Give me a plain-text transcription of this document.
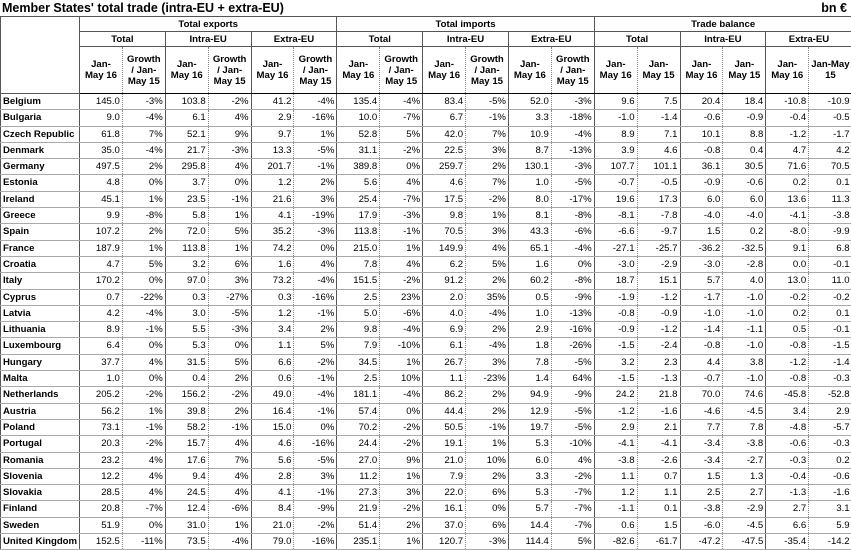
Member States' total trade (intra-EU + extra-EU)	bn €
	Total exports						Total imports						Trade balance					
	Total		Intra-EU		Extra-EU		Total		Intra-EU		Extra-EU		Total		Intra-EU		Extra-EU	
	Jan-May 16	Growth / Jan-May 15	Jan-May 16	Growth / Jan-May 15	Jan-May 16	Growth / Jan-May 15	Jan-May 16	Growth / Jan-May 15	Jan-May 16	Growth / Jan-May 15	Jan-May 16	Growth / Jan-May 15	Jan-May 16	Jan-May 15	Jan-May 16	Jan-May 15	Jan-May 16	Jan-May 15
Belgium	145.0	-3%	103.8	-2%	41.2	-4%	135.4	-4%	83.4	-5%	52.0	-3%	9.6	7.5	20.4	18.4	-10.8	-10.9
Bulgaria	9.0	-4%	6.1	4%	2.9	-16%	10.0	-7%	6.7	-1%	3.3	-18%	-1.0	-1.4	-0.6	-0.9	-0.4	-0.5
Czech Republic	61.8	7%	52.1	9%	9.7	1%	52.8	5%	42.0	7%	10.9	-4%	8.9	7.1	10.1	8.8	-1.2	-1.7
Denmark	35.0	-4%	21.7	-3%	13.3	-5%	31.1	-2%	22.5	3%	8.7	-13%	3.9	4.6	-0.8	0.4	4.7	4.2
Germany	497.5	2%	295.8	4%	201.7	-1%	389.8	0%	259.7	2%	130.1	-3%	107.7	101.1	36.1	30.5	71.6	70.5
Estonia	4.8	0%	3.7	0%	1.2	2%	5.6	4%	4.6	7%	1.0	-5%	-0.7	-0.5	-0.9	-0.6	0.2	0.1
Ireland	45.1	1%	23.5	-1%	21.6	3%	25.4	-7%	17.5	-2%	8.0	-17%	19.6	17.3	6.0	6.0	13.6	11.3
Greece	9.9	-8%	5.8	1%	4.1	-19%	17.9	-3%	9.8	1%	8.1	-8%	-8.1	-7.8	-4.0	-4.0	-4.1	-3.8
Spain	107.2	2%	72.0	5%	35.2	-3%	113.8	-1%	70.5	3%	43.3	-6%	-6.6	-9.7	1.5	0.2	-8.0	-9.9
France	187.9	1%	113.8	1%	74.2	0%	215.0	1%	149.9	4%	65.1	-4%	-27.1	-25.7	-36.2	-32.5	9.1	6.8
Croatia	4.7	5%	3.2	6%	1.6	4%	7.8	4%	6.2	5%	1.6	0%	-3.0	-2.9	-3.0	-2.8	0.0	-0.1
Italy	170.2	0%	97.0	3%	73.2	-4%	151.5	-2%	91.2	2%	60.2	-8%	18.7	15.1	5.7	4.0	13.0	11.0
Cyprus	0.7	-22%	0.3	-27%	0.3	-16%	2.5	23%	2.0	35%	0.5	-9%	-1.9	-1.2	-1.7	-1.0	-0.2	-0.2
Latvia	4.2	-4%	3.0	-5%	1.2	-1%	5.0	-6%	4.0	-4%	1.0	-13%	-0.8	-0.9	-1.0	-1.0	0.2	0.1
Lithuania	8.9	-1%	5.5	-3%	3.4	2%	9.8	-4%	6.9	2%	2.9	-16%	-0.9	-1.2	-1.4	-1.1	0.5	-0.1
Luxembourg	6.4	0%	5.3	0%	1.1	5%	7.9	-10%	6.1	-4%	1.8	-26%	-1.5	-2.4	-0.8	-1.0	-0.8	-1.5
Hungary	37.7	4%	31.5	5%	6.6	-2%	34.5	1%	26.7	3%	7.8	-5%	3.2	2.3	4.4	3.8	-1.2	-1.4
Malta	1.0	0%	0.4	2%	0.6	-1%	2.5	10%	1.1	-23%	1.4	64%	-1.5	-1.3	-0.7	-1.0	-0.8	-0.3
Netherlands	205.2	-2%	156.2	-2%	49.0	-4%	181.1	-4%	86.2	2%	94.9	-9%	24.2	21.8	70.0	74.6	-45.8	-52.8
Austria	56.2	1%	39.8	2%	16.4	-1%	57.4	0%	44.4	2%	12.9	-5%	-1.2	-1.6	-4.6	-4.5	3.4	2.9
Poland	73.1	-1%	58.2	-1%	15.0	0%	70.2	-2%	50.5	-1%	19.7	-5%	2.9	2.1	7.7	7.8	-4.8	-5.7
Portugal	20.3	-2%	15.7	4%	4.6	-16%	24.4	-2%	19.1	1%	5.3	-10%	-4.1	-4.1	-3.4	-3.8	-0.6	-0.3
Romania	23.2	4%	17.6	7%	5.6	-5%	27.0	9%	21.0	10%	6.0	4%	-3.8	-2.6	-3.4	-2.7	-0.3	0.2
Slovenia	12.2	4%	9.4	4%	2.8	3%	11.2	1%	7.9	2%	3.3	-2%	1.1	0.7	1.5	1.3	-0.4	-0.6
Slovakia	28.5	4%	24.5	4%	4.1	-1%	27.3	3%	22.0	6%	5.3	-7%	1.2	1.1	2.5	2.7	-1.3	-1.6
Finland	20.8	-7%	12.4	-6%	8.4	-9%	21.9	-2%	16.1	0%	5.7	-7%	-1.1	0.1	-3.8	-2.9	2.7	3.1
Sweden	51.9	0%	31.0	1%	21.0	-2%	51.4	2%	37.0	6%	14.4	-7%	0.6	1.5	-6.0	-4.5	6.6	5.9
United Kingdom	152.5	-11%	73.5	-4%	79.0	-16%	235.1	1%	120.7	-3%	114.4	5%	-82.6	-61.7	-47.2	-47.5	-35.4	-14.2
